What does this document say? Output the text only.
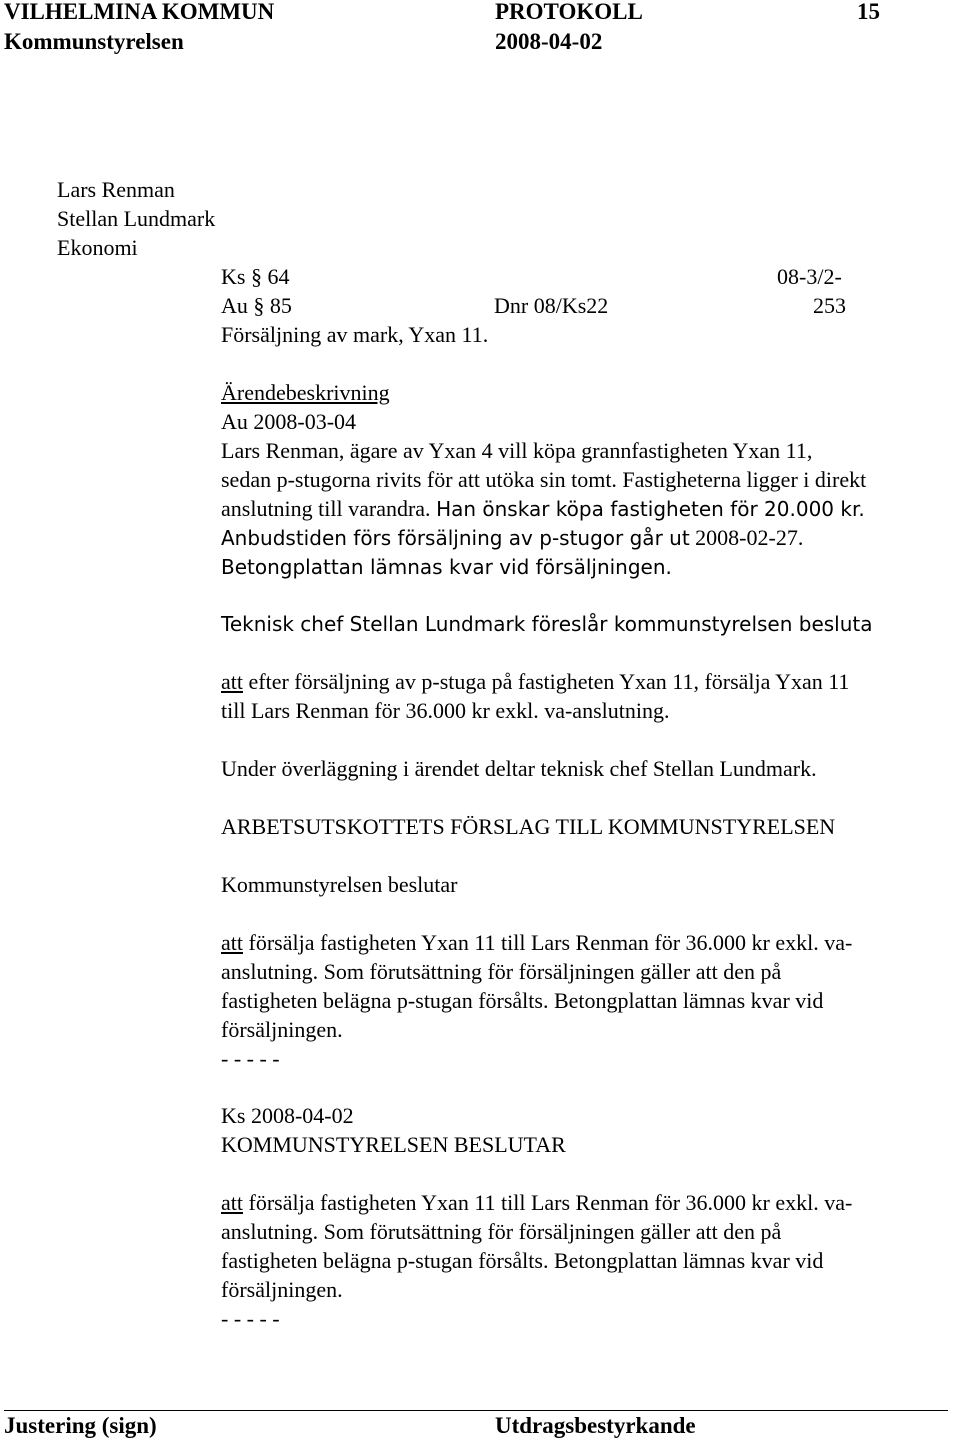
VILHELMINA KOMMUN	PROTOKOLL	15
Kommunstyrelsen	2008-04-02
Lars Renman
Stellan Lundmark
Ekonomi
Ks § 64	08-3/2-
Au § 85	Dnr 08/Ks22	253
Försäljning av mark, Yxan 11.
Ärendebeskrivning
Au 2008-03-04
Lars Renman, ägare av Yxan 4 vill köpa grannfastigheten Yxan 11,
sedan p-stugorna rivits för att utöka sin tomt. Fastigheterna ligger i direkt
anslutning till varandra. Han önskar köpa fastigheten för 20.000 kr.
Anbudstiden förs försäljning av p-stugor går ut 2008-02-27.
Betongplattan lämnas kvar vid försäljningen.
Teknisk chef Stellan Lundmark föreslår kommunstyrelsen besluta
att efter försäljning av p-stuga på fastigheten Yxan 11, försälja Yxan 11
till Lars Renman för 36.000 kr exkl. va-anslutning.
Under överläggning i ärendet deltar teknisk chef Stellan Lundmark.
ARBETSUTSKOTTETS FÖRSLAG TILL KOMMUNSTYRELSEN
Kommunstyrelsen beslutar
att försälja fastigheten Yxan 11 till Lars Renman för 36.000 kr exkl. va-
anslutning. Som förutsättning för försäljningen gäller att den på
fastigheten belägna p-stugan försålts. Betongplattan lämnas kvar vid
försäljningen.
- - - - -
Ks 2008-04-02
KOMMUNSTYRELSEN BESLUTAR
att försälja fastigheten Yxan 11 till Lars Renman för 36.000 kr exkl. va-
anslutning. Som förutsättning för försäljningen gäller att den på
fastigheten belägna p-stugan försålts. Betongplattan lämnas kvar vid
försäljningen.
- - - - -
Justering (sign)	Utdragsbestyrkande
